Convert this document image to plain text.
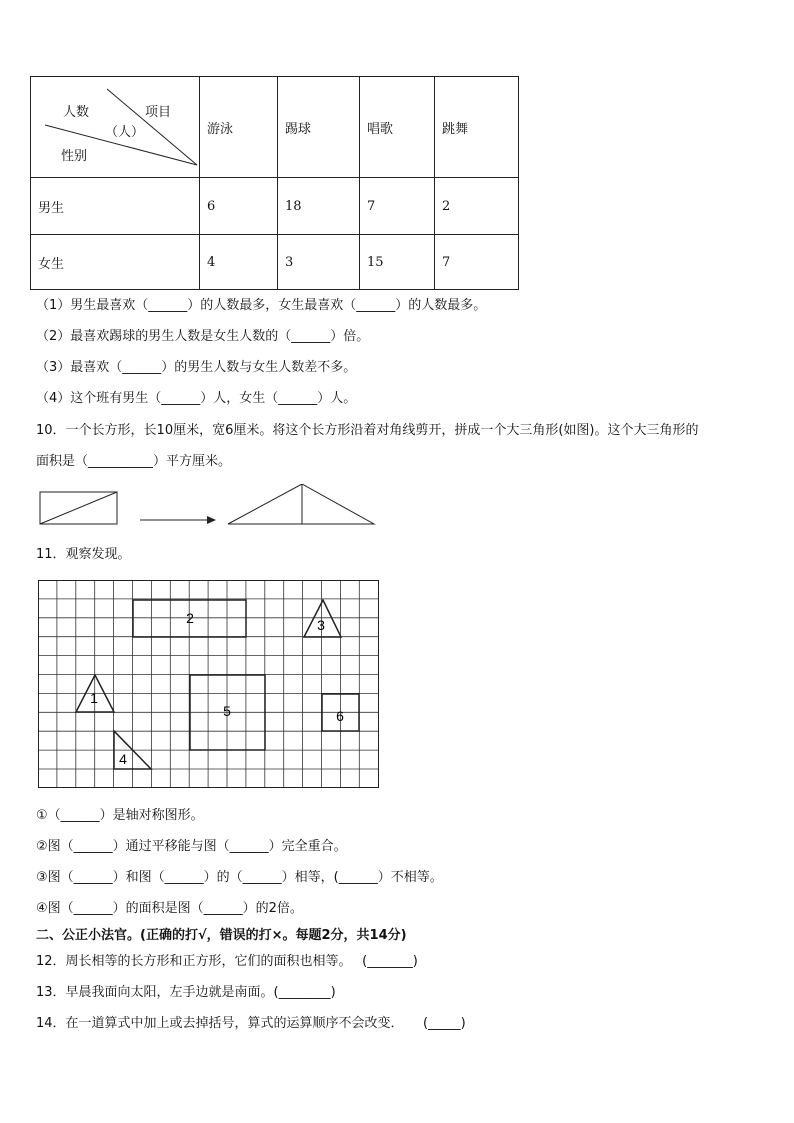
人数 项目
（人）
性别	游泳	踢球	唱歌	跳舞
男生	6	18	7	2
女生	4	3	15	7
（1）男生最喜欢（______）的人数最多，女生最喜欢（______）的人数最多。
（2）最喜欢踢球的男生人数是女生人数的（______）倍。
（3）最喜欢（______）的男生人数与女生人数差不多。
（4）这个班有男生（______）人，女生（______）人。
10．一个长方形，长10厘米，宽6厘米。将这个长方形沿着对角线剪开，拼成一个大三角形(如图)。这个大三角形的
面积是（__________）平方厘米。
11．观察发现。
2	3
1
5	6
4
①（______）是轴对称图形。
②图（______）通过平移能与图（______）完全重合。
③图（______）和图（______）的（______）相等，(______）不相等。
④图（______）的面积是图（______）的2倍。
二、公正小法官。(正确的打√，错误的打×。每题2分，共14分)
12．周长相等的长方形和正方形，它们的面积也相等。　 (_______)
13．早晨我面向太阳，左手边就是南面。(________)
14．在一道算式中加上或去掉括号，算式的运算顺序不会改变．　　(_____)
